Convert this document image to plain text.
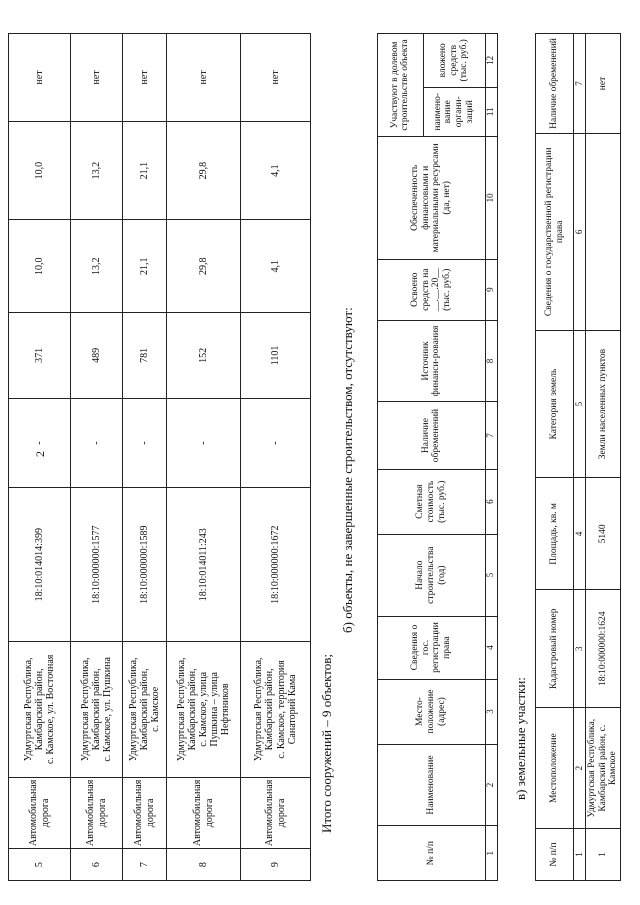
5	Автомобильная дорога	Удмуртская Республика,
Камбарский район,
с. Камское, ул. Восточная	18:10:014014:399	-	371	10,0	10,0	нет
6	Автомобильная дорога	Удмуртская Республика,
Камбарский район,
с. Камское, ул. Пушкина	18:10:000000:1577	-	489	13,2	13,2	нет
7	Автомобильная дорога	Удмуртская Республика,
Камбарский район,
с. Камское	18:10:000000:1589	-	781	21,1	21,1	нет
8	Автомобильная дорога	Удмуртская Республика,
Камбарский район,
с. Камское, улица
Пушкина – улица
Нефтяников	18:10:014011:243	-	152	29,8	29,8	нет
9	Автомобильная дорога	Удмуртская Республика,
Камбарский район,
с. Камское, территория
Санаторий Кама	18:10:000000:1672	-	1101	4,1	4,1	нет
2
Итого сооружений – 9 объектов;
б) объекты, не завершенные строительством, отсутствуют:
№ п/п	Наименование	Место-положение (адрес)	Сведения о гос. регистрации права	Начало строительства (год)	Сметная стоимость (тыс. руб.)	Наличие обременений	Источник финанси-рования	Освоено средств на __.__.20__ (тыс. руб.)	Обеспеченность финансовыми и материальными ресурсами (да, нет)	Участвуют в долевом строительстве объекта	
										наимено-вание органи-заций	вложено средств (тыс. руб.)
1	2	3	4	5	6	7	8	9	10	11	12
в) земельные участки:
№ п/п	Местоположение	Кадастровый номер	Площадь, кв. м	Категория земель	Сведения о государственной регистрации права	Наличие обременений
1	2	3	4	5	6	7
1	Удмуртская Республика, Камбарский район, с. Камское	18:10:000000:1624	5140	Земли населенных пунктов		нет
